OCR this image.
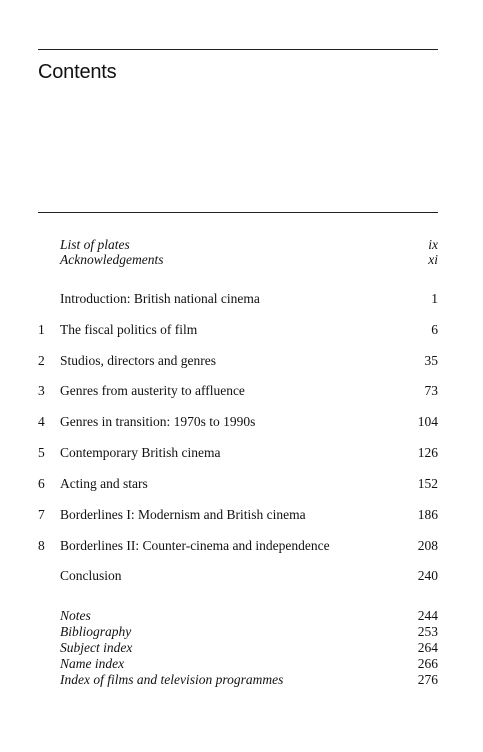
Contents
List of plates	ix
Acknowledgements	xi
Introduction: British national cinema	1
1 The fiscal politics of film	6
2 Studios, directors and genres	35
3 Genres from austerity to affluence	73
4 Genres in transition: 1970s to 1990s	104
5 Contemporary British cinema	126
6 Acting and stars	152
7 Borderlines I: Modernism and British cinema	186
8 Borderlines II: Counter-cinema and independence	208
Conclusion	240
Notes	244
Bibliography	253
Subject index	264
Name index	266
Index of films and television programmes	276
